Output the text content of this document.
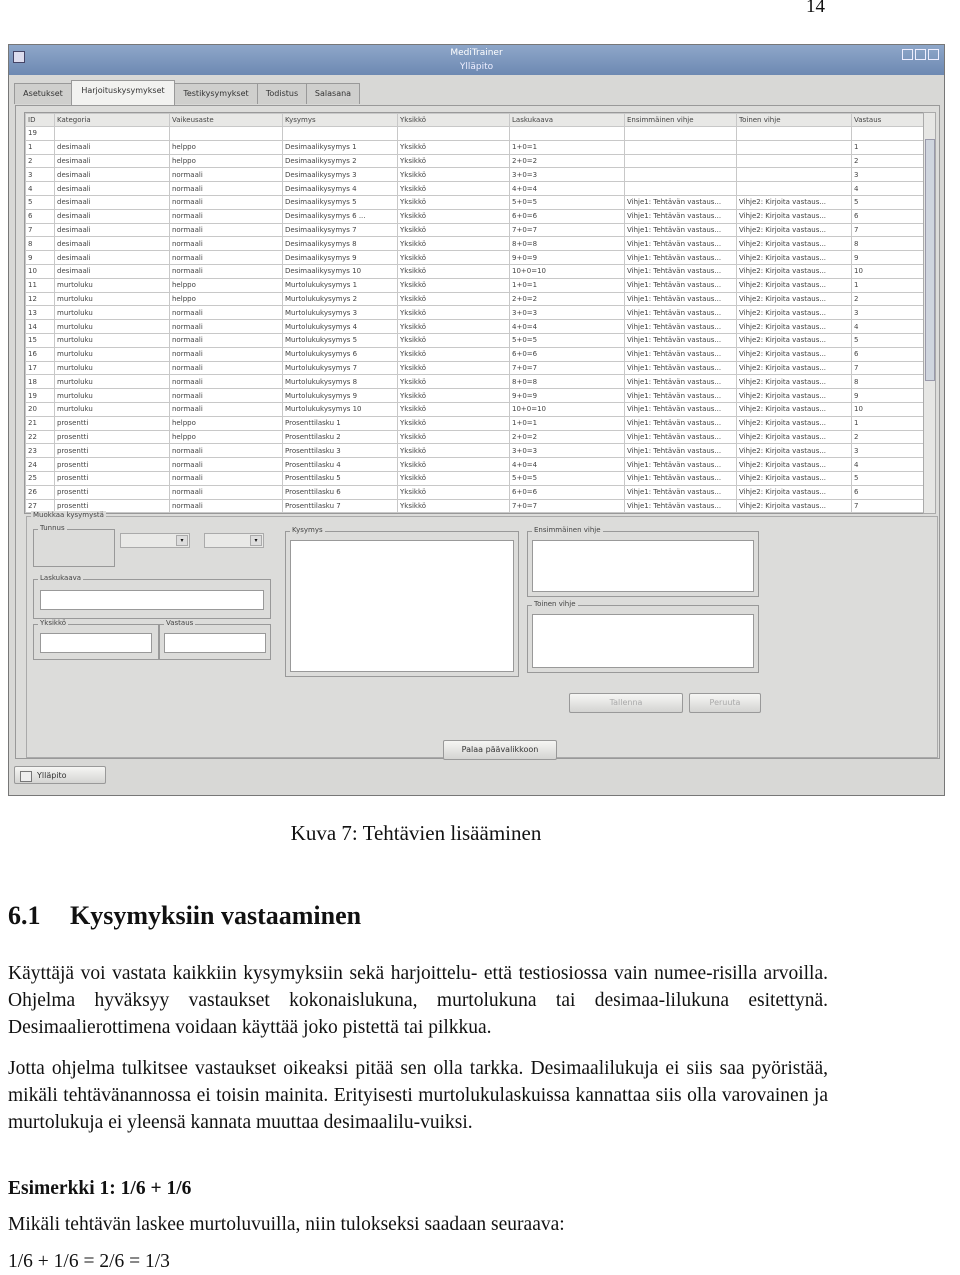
14
MediTrainer
Ylläpito
Asetukset	Harjoituskysymykset	Testikysymykset	Todistus	Salasana
ID	Kategoria	Vaikeusaste	Kysymys	Yksikkö	Laskukaava	Ensimmäinen vihje	Toinen vihje	Vastaus
19								
1	desimaali	helppo	Desimaalikysymys 1	Yksikkö	1+0=1			1
2	desimaali	helppo	Desimaalikysymys 2	Yksikkö	2+0=2			2
3	desimaali	normaali	Desimaalikysymys 3	Yksikkö	3+0=3			3
4	desimaali	normaali	Desimaalikysymys 4	Yksikkö	4+0=4			4
5	desimaali	normaali	Desimaalikysymys 5	Yksikkö	5+0=5	Vihje1: Tehtävän vastaus...	Vihje2: Kirjoita vastaus...	5
6	desimaali	normaali	Desimaalikysymys 6 ...	Yksikkö	6+0=6	Vihje1: Tehtävän vastaus...	Vihje2: Kirjoita vastaus...	6
7	desimaali	normaali	Desimaalikysymys 7	Yksikkö	7+0=7	Vihje1: Tehtävän vastaus...	Vihje2: Kirjoita vastaus...	7
8	desimaali	normaali	Desimaalikysymys 8	Yksikkö	8+0=8	Vihje1: Tehtävän vastaus...	Vihje2: Kirjoita vastaus...	8
9	desimaali	normaali	Desimaalikysymys 9	Yksikkö	9+0=9	Vihje1: Tehtävän vastaus...	Vihje2: Kirjoita vastaus...	9
10	desimaali	normaali	Desimaalikysymys 10	Yksikkö	10+0=10	Vihje1: Tehtävän vastaus...	Vihje2: Kirjoita vastaus...	10
11	murtoluku	helppo	Murtolukukysymys 1	Yksikkö	1+0=1	Vihje1: Tehtävän vastaus...	Vihje2: Kirjoita vastaus...	1
12	murtoluku	helppo	Murtolukukysymys 2	Yksikkö	2+0=2	Vihje1: Tehtävän vastaus...	Vihje2: Kirjoita vastaus...	2
13	murtoluku	normaali	Murtolukukysymys 3	Yksikkö	3+0=3	Vihje1: Tehtävän vastaus...	Vihje2: Kirjoita vastaus...	3
14	murtoluku	normaali	Murtolukukysymys 4	Yksikkö	4+0=4	Vihje1: Tehtävän vastaus...	Vihje2: Kirjoita vastaus...	4
15	murtoluku	normaali	Murtolukukysymys 5	Yksikkö	5+0=5	Vihje1: Tehtävän vastaus...	Vihje2: Kirjoita vastaus...	5
16	murtoluku	normaali	Murtolukukysymys 6	Yksikkö	6+0=6	Vihje1: Tehtävän vastaus...	Vihje2: Kirjoita vastaus...	6
17	murtoluku	normaali	Murtolukukysymys 7	Yksikkö	7+0=7	Vihje1: Tehtävän vastaus...	Vihje2: Kirjoita vastaus...	7
18	murtoluku	normaali	Murtolukukysymys 8	Yksikkö	8+0=8	Vihje1: Tehtävän vastaus...	Vihje2: Kirjoita vastaus...	8
19	murtoluku	normaali	Murtolukukysymys 9	Yksikkö	9+0=9	Vihje1: Tehtävän vastaus...	Vihje2: Kirjoita vastaus...	9
20	murtoluku	normaali	Murtolukukysymys 10	Yksikkö	10+0=10	Vihje1: Tehtävän vastaus...	Vihje2: Kirjoita vastaus...	10
21	prosentti	helppo	Prosenttilasku 1	Yksikkö	1+0=1	Vihje1: Tehtävän vastaus...	Vihje2: Kirjoita vastaus...	1
22	prosentti	helppo	Prosenttilasku 2	Yksikkö	2+0=2	Vihje1: Tehtävän vastaus...	Vihje2: Kirjoita vastaus...	2
23	prosentti	normaali	Prosenttilasku 3	Yksikkö	3+0=3	Vihje1: Tehtävän vastaus...	Vihje2: Kirjoita vastaus...	3
24	prosentti	normaali	Prosenttilasku 4	Yksikkö	4+0=4	Vihje1: Tehtävän vastaus...	Vihje2: Kirjoita vastaus...	4
25	prosentti	normaali	Prosenttilasku 5	Yksikkö	5+0=5	Vihje1: Tehtävän vastaus...	Vihje2: Kirjoita vastaus...	5
26	prosentti	normaali	Prosenttilasku 6	Yksikkö	6+0=6	Vihje1: Tehtävän vastaus...	Vihje2: Kirjoita vastaus...	6
27	prosentti	normaali	Prosenttilasku 7	Yksikkö	7+0=7	Vihje1: Tehtävän vastaus...	Vihje2: Kirjoita vastaus...	7
Muokkaa kysymystä
Tunnus
▾	▾
Laskukaava
Yksikkö	Vastaus
Kysymys	Ensimmäinen vihje
Toinen vihje
Tallenna	Peruuta
Palaa päävalikkoon
Ylläpito
Kuva 7: Tehtävien lisääminen
6.1 Kysymyksiin vastaaminen
Käyttäjä voi vastata kaikkiin kysymyksiin sekä harjoittelu- että testiosiossa vain numee-risilla arvoilla. Ohjelma hyväksyy vastaukset kokonaislukuna, murtolukuna tai desimaa-lilukuna esitettynä. Desimaalierottimena voidaan käyttää joko pistettä tai pilkkua.
Jotta ohjelma tulkitsee vastaukset oikeaksi pitää sen olla tarkka. Desimaalilukuja ei siis saa pyöristää, mikäli tehtävänannossa ei toisin mainita. Erityisesti murtolukulaskuissa kannattaa siis olla varovainen ja murtolukuja ei yleensä kannata muuttaa desimaalilu-vuiksi.
Esimerkki 1: 1/6 + 1/6
Mikäli tehtävän laskee murtoluvuilla, niin tulokseksi saadaan seuraava:
1/6 + 1/6 = 2/6 = 1/3
